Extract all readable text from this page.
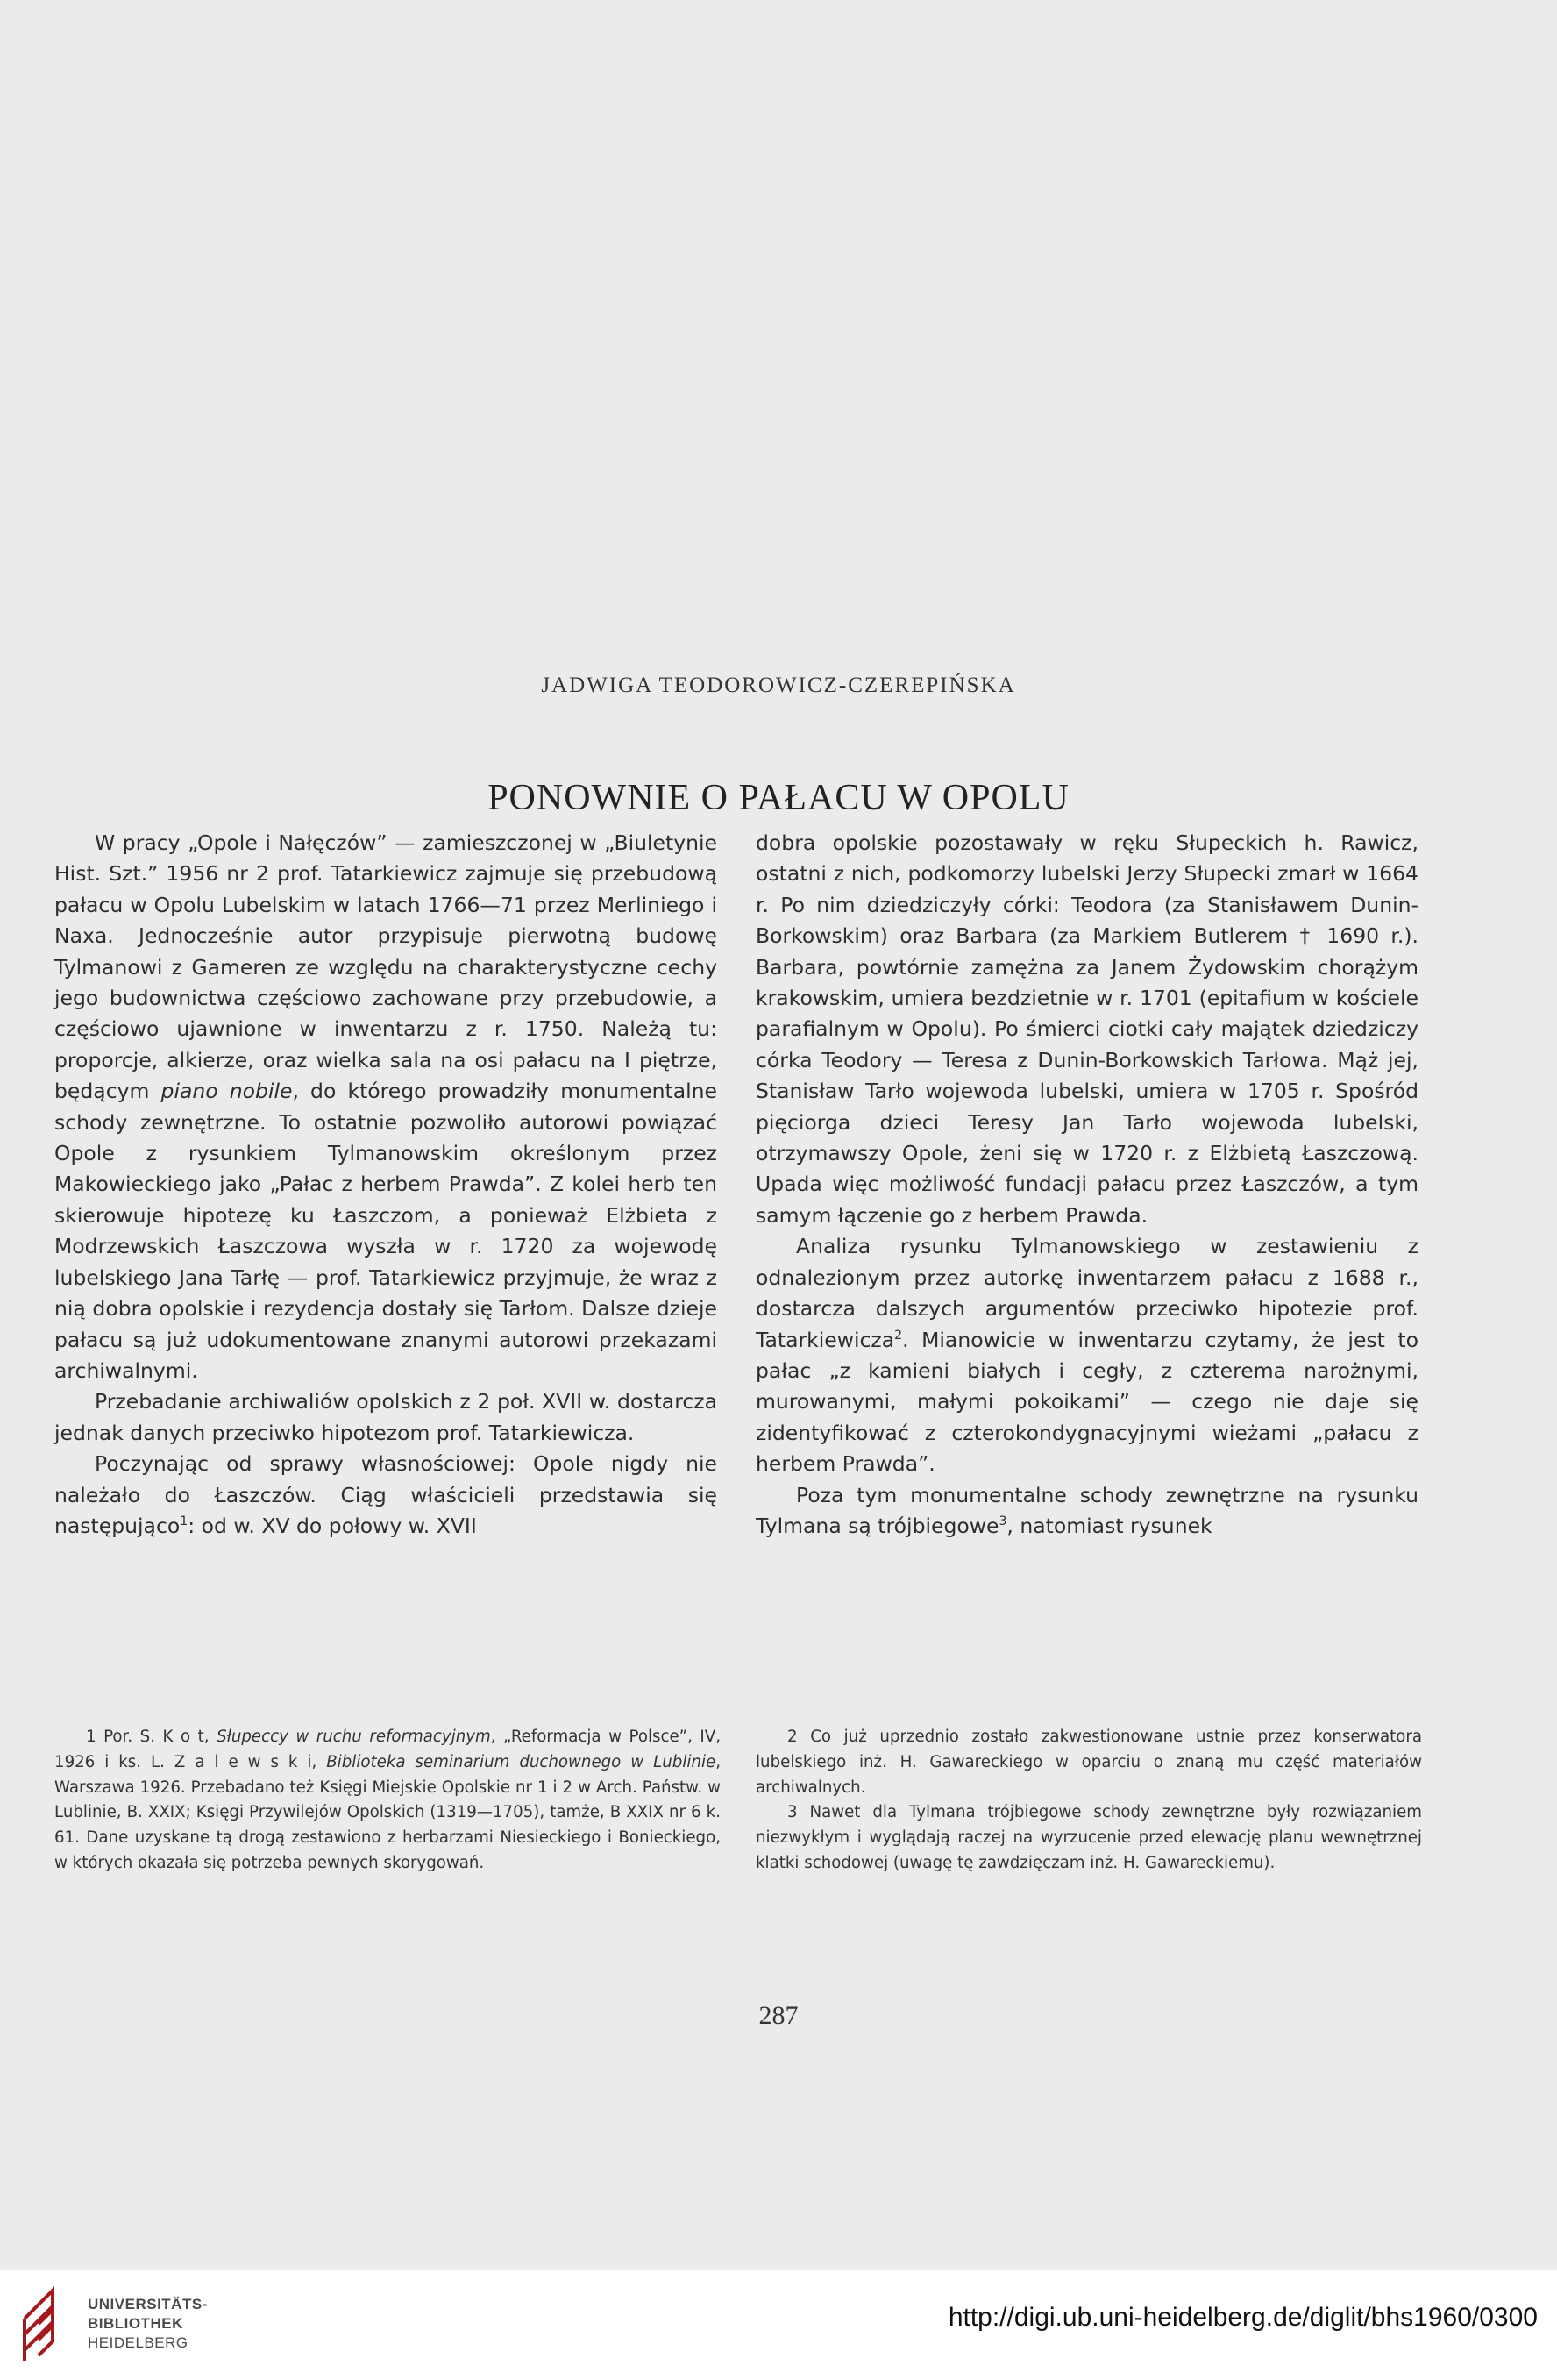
JADWIGA TEODOROWICZ-CZEREPIŃSKA
PONOWNIE O PAŁACU W OPOLU

W pracy „Opole i Nałęczów” — zamieszczonej w „Biuletynie Hist. Szt.” 1956 nr 2 prof. Tatarkiewicz zajmuje się przebudową pałacu w Opolu Lubelskim w latach 1766—71 przez Merliniego i Naxa. Jednocześnie autor przypisuje pierwotną budowę Tylmanowi z Gameren ze względu na charakterystyczne cechy jego budownictwa częściowo zachowane przy przebudowie, a częściowo ujawnione w inwentarzu z r. 1750. Należą tu: proporcje, alkierze, oraz wielka sala na osi pałacu na I piętrze, będącym piano nobile, do którego prowadziły monumentalne schody zewnętrzne. To ostatnie pozwoliło autorowi powiązać Opole z rysunkiem Tylmanowskim określonym przez Makowieckiego jako „Pałac z herbem Prawda”. Z kolei herb ten skierowuje hipotezę ku Łaszczom, a ponieważ Elżbieta z Modrzewskich Łaszczowa wyszła w r. 1720 za wojewodę lubelskiego Jana Tarłę — prof. Tatarkiewicz przyjmuje, że wraz z nią dobra opolskie i rezydencja dostały się Tarłom. Dalsze dzieje pałacu są już udokumentowane znanymi autorowi przekazami archiwalnymi.

Przebadanie archiwaliów opolskich z 2 poł. XVII w. dostarcza jednak danych przeciwko hipotezom prof. Tatarkiewicza.

Poczynając od sprawy własnościowej: Opole nigdy nie należało do Łaszczów. Ciąg właścicieli przedstawia się następująco$^1$: od w. XV do połowy w. XVII

dobra opolskie pozostawały w ręku Słupeckich h. Rawicz, ostatni z nich, podkomorzy lubelski Jerzy Słupecki zmarł w 1664 r. Po nim dziedziczyły córki: Teodora (za Stanisławem Dunin-Borkowskim) oraz Barbara (za Markiem Butlerem † 1690 r.). Barbara, powtórnie zamężna za Janem Żydowskim chorążym krakowskim, umiera bezdzietnie w r. 1701 (epitafium w kościele parafialnym w Opolu). Po śmierci ciotki cały majątek dziedziczy córka Teodory — Teresa z Dunin-Borkowskich Tarłowa. Mąż jej, Stanisław Tarło wojewoda lubelski, umiera w 1705 r. Spośród pięciorga dzieci Teresy Jan Tarło wojewoda lubelski, otrzymawszy Opole, żeni się w 1720 r. z Elżbietą Łaszczową. Upada więc możliwość fundacji pałacu przez Łaszczów, a tym samym łączenie go z herbem Prawda.

Analiza rysunku Tylmanowskiego w zestawieniu z odnalezionym przez autorkę inwentarzem pałacu z 1688 r., dostarcza dalszych argumentów przeciwko hipotezie prof. Tatarkiewicza$^2$. Mianowicie w inwentarzu czytamy, że jest to pałac „z kamieni białych i cegły, z czterema narożnymi, murowanymi, małymi pokoikami” — czego nie daje się zidentyfikować z czterokondygnacyjnymi wieżami „pałacu z herbem Prawda”.

Poza tym monumentalne schody zewnętrzne na rysunku Tylmana są trójbiegowe$^3$, natomiast rysunek

1 Por. S. K o t, Słupeccy w ruchu reformacyjnym, „Reformacja w Polsce”, IV, 1926 i ks. L. Z a l e w s k i, Biblioteka seminarium duchownego w Lublinie, Warszawa 1926. Przebadano też Księgi Miejskie Opolskie nr 1 i 2 w Arch. Państw. w Lublinie, B. XXIX; Księgi Przywilejów Opolskich (1319—1705), tamże, B XXIX nr 6 k. 61. Dane uzyskane tą drogą zestawiono z herbarzami Niesieckiego i Bonieckiego, w których okazała się potrzeba pewnych skorygowań.

2 Co już uprzednio zostało zakwestionowane ustnie przez konserwatora lubelskiego inż. H. Gawareckiego w oparciu o znaną mu część materiałów archiwalnych.

3 Nawet dla Tylmana trójbiegowe schody zewnętrzne były rozwiązaniem niezwykłym i wyglądają raczej na wyrzucenie przed elewację planu wewnętrznej klatki schodowej (uwagę tę zawdzięczam inż. H. Gawareckiemu).

287
UNIVERSITÄTS-
BIBLIOTHEK
HEIDELBERG
http://digi.ub.uni-heidelberg.de/diglit/bhs1960/0300
